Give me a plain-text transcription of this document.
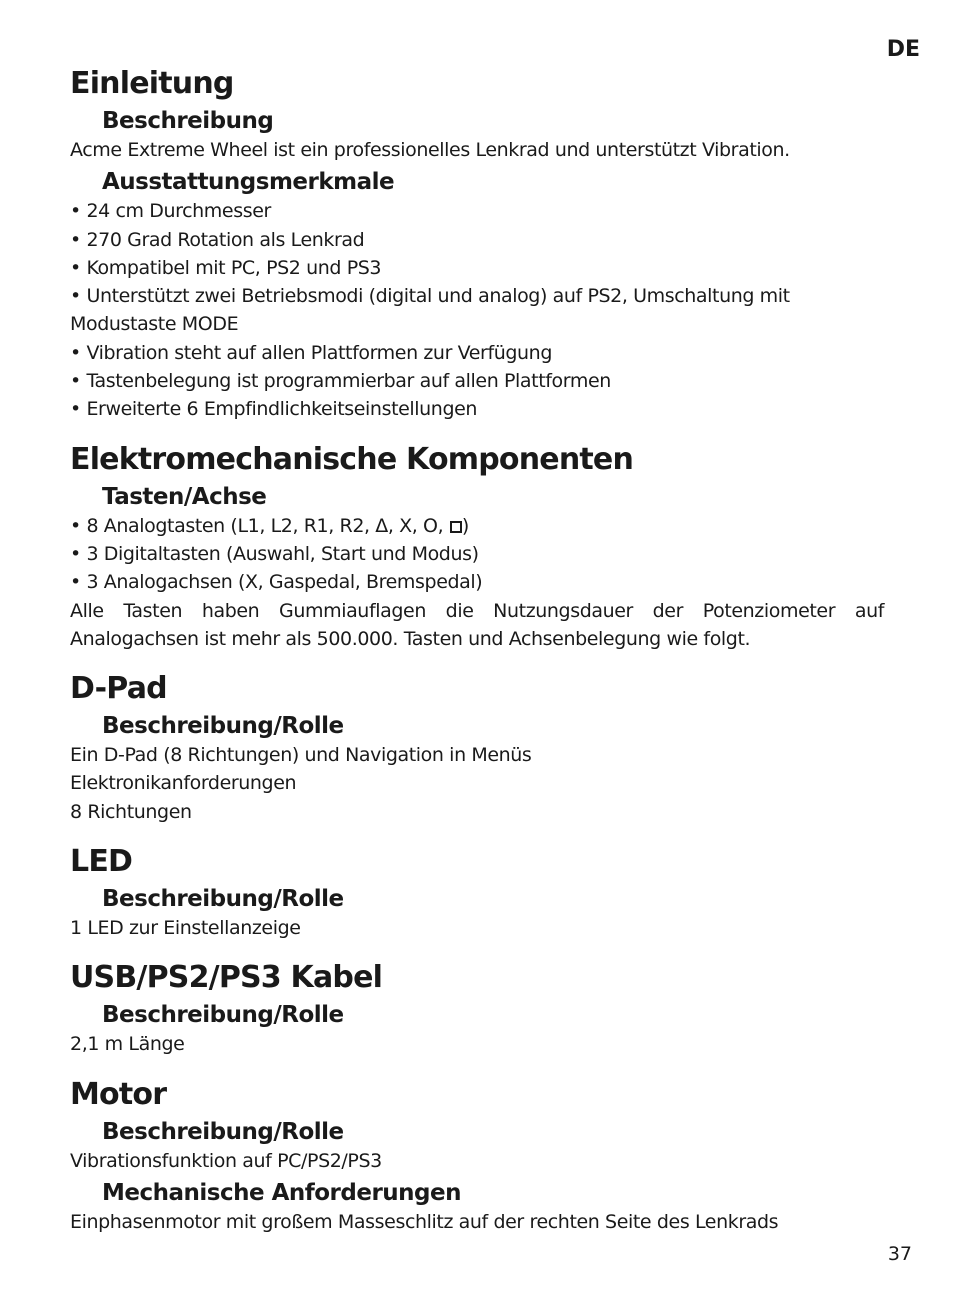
DE
Einleitung
Beschreibung

Acme Extreme Wheel ist ein professionelles Lenkrad und unterstützt Vibration.

Ausstattungsmerkmale

• 24 cm Durchmesser

• 270 Grad Rotation als Lenkrad

• Kompatibel mit PC, PS2 und PS3

• Unterstützt zwei Betriebsmodi (digital und analog) auf PS2, Umschaltung mit Modustaste MODE

• Vibration steht auf allen Plattformen zur Verfügung

• Tastenbelegung ist programmierbar auf allen Plattformen

• Erweiterte 6 Empfindlichkeitseinstellungen

Elektromechanische Komponenten
Tasten/Achse

• 8 Analogtasten (L1, L2, R1, R2, Δ, X, O, )

• 3 Digitaltasten (Auswahl, Start und Modus)

• 3 Analogachsen (X, Gaspedal, Bremspedal)

Alle Tasten haben Gummiauflagen die Nutzungsdauer der Potenziometer auf Analogachsen ist mehr als 500.000. Tasten und Achsenbelegung wie folgt.

D-Pad
Beschreibung/Rolle

Ein D-Pad (8 Richtungen) und Navigation in Menüs

Elektronikanforderungen

8 Richtungen

LED
Beschreibung/Rolle

1 LED zur Einstellanzeige

USB/PS2/PS3 Kabel
Beschreibung/Rolle

2,1 m Länge

Motor
Beschreibung/Rolle

Vibrationsfunktion auf PC/PS2/PS3

Mechanische Anforderungen

Einphasenmotor mit großem Masseschlitz auf der rechten Seite des Lenkrads

37
